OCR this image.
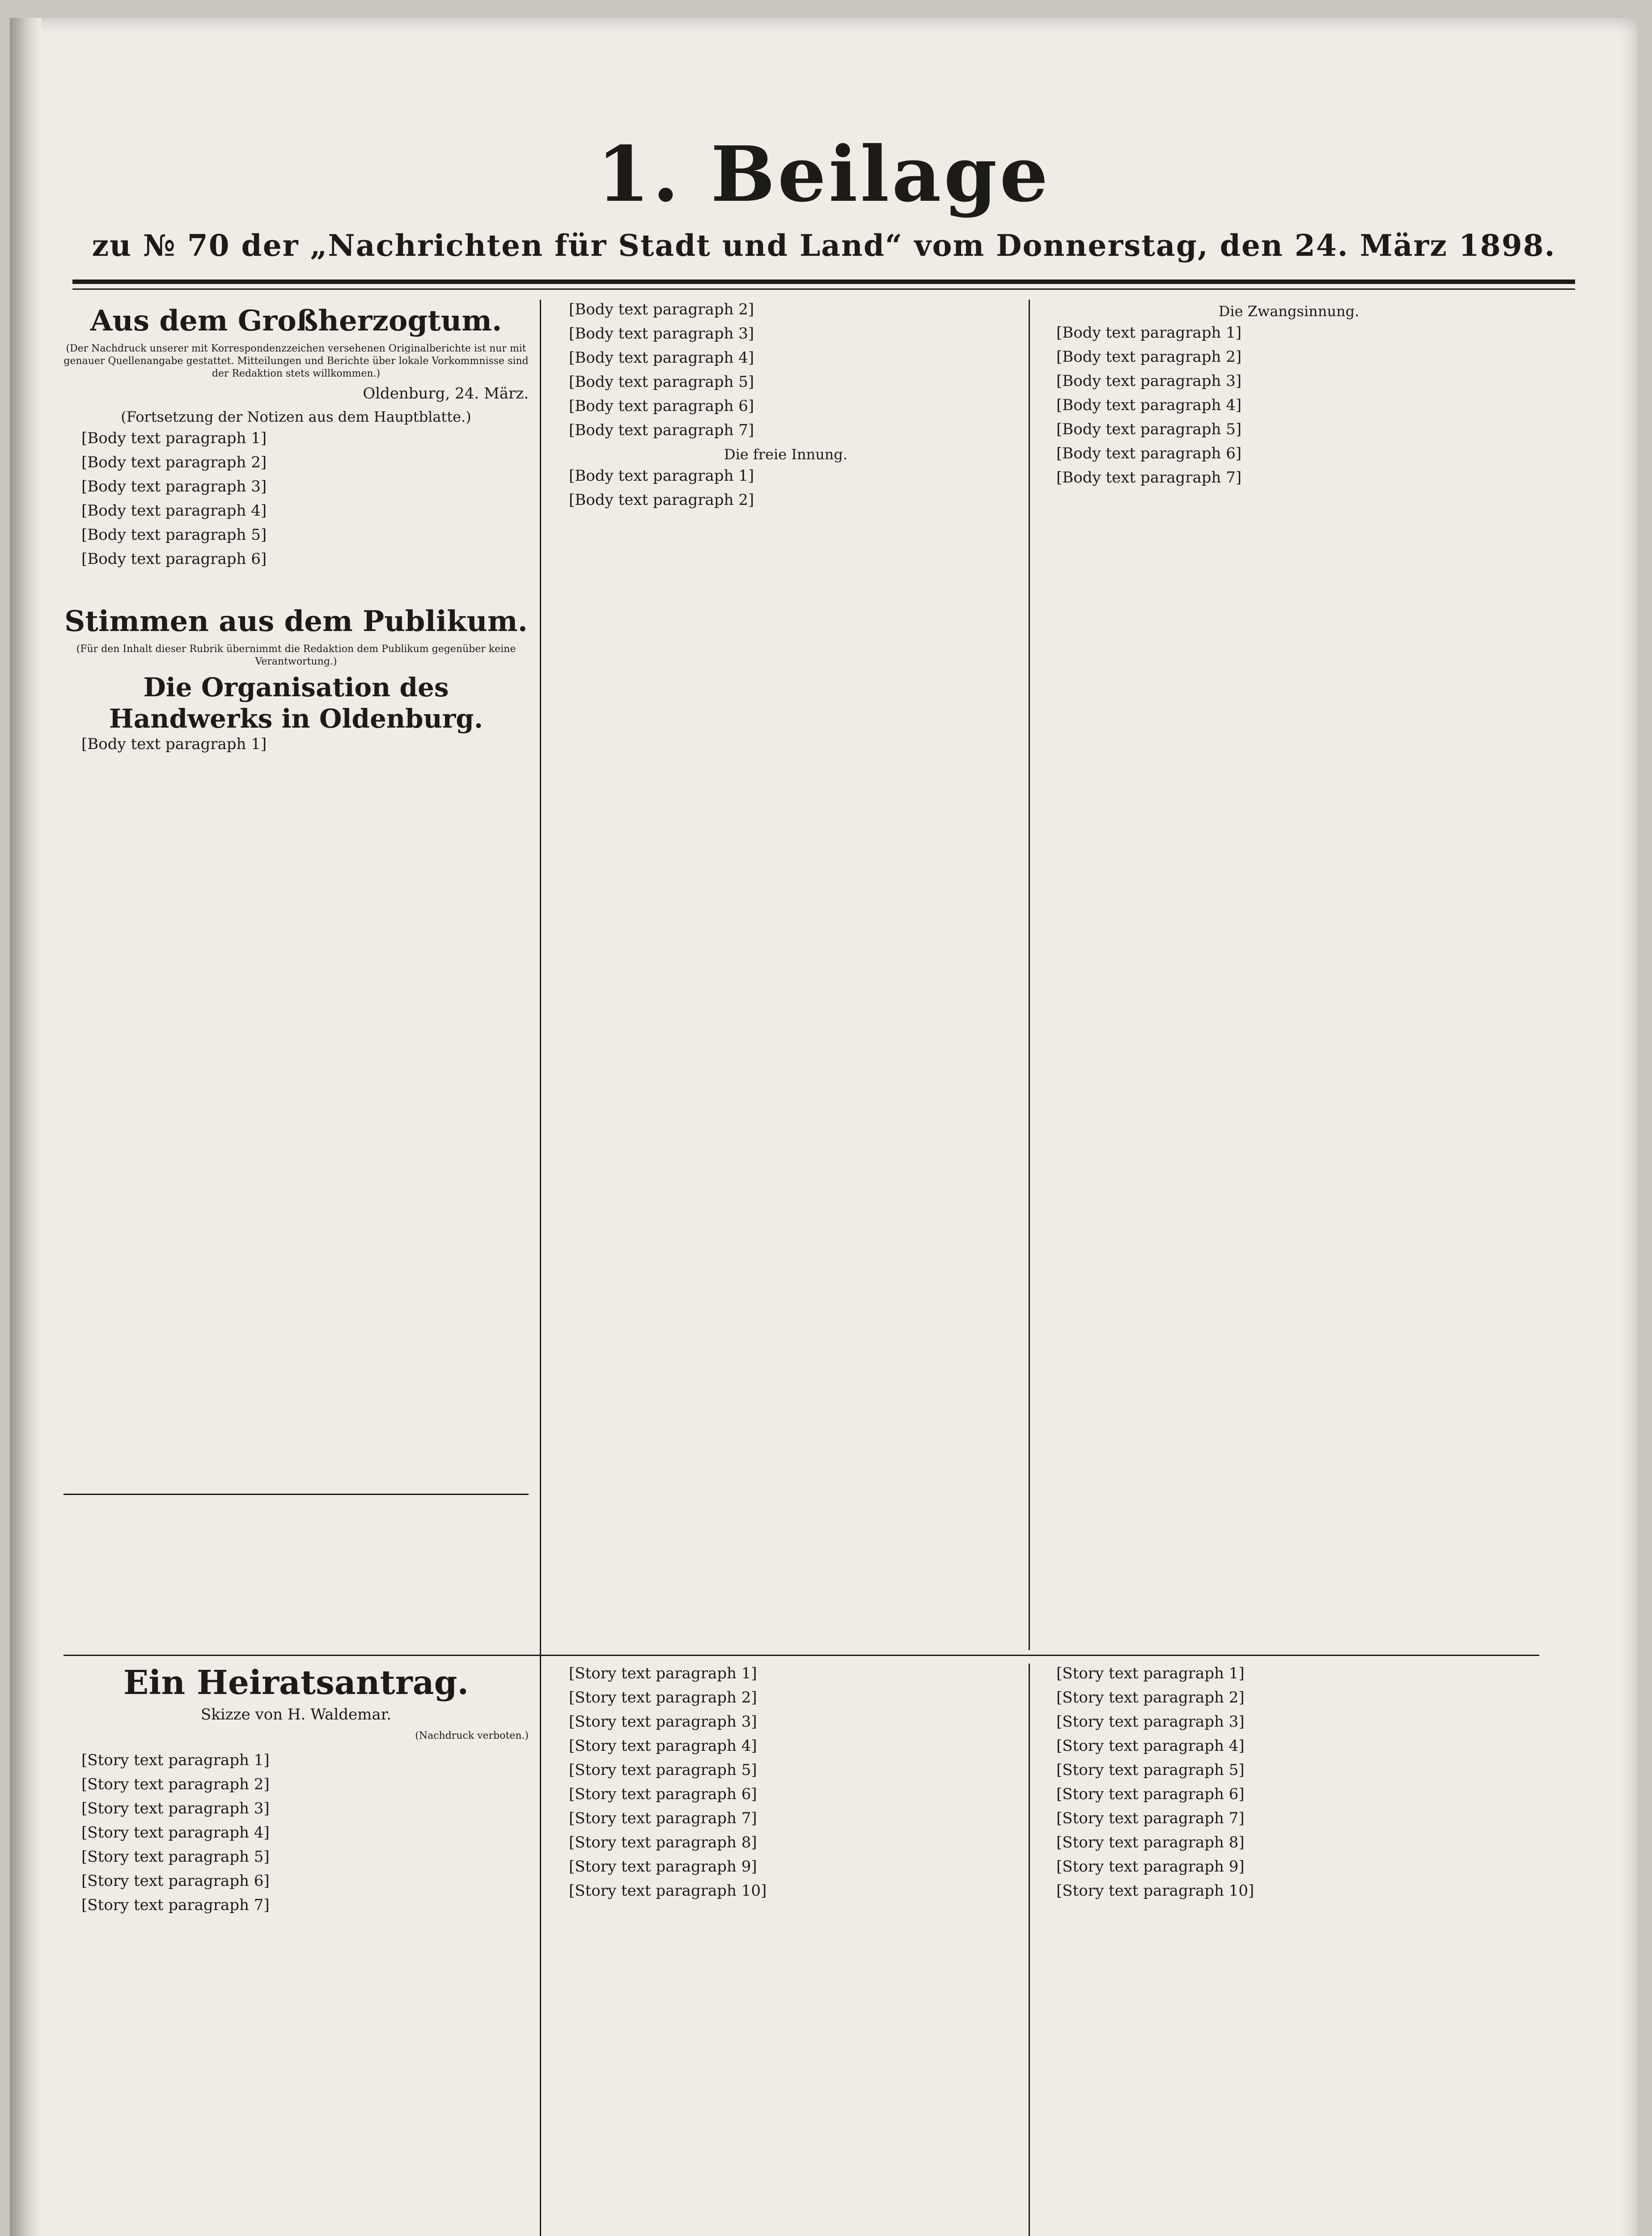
1. Beilage
zu № 70 der „Nachrichten für Stadt und Land“ vom Donnerstag, den 24. März 1898.
Aus dem Großherzogtum.
(Der Nachdruck unserer mit Korrespondenzzeichen versehenen Originalberichte ist nur mit genauer Quellenangabe gestattet. Mitteilungen und Berichte über lokale Vorkommnisse sind der Redaktion stets willkommen.)
Oldenburg, 24. März.
(Fortsetzung der Notizen aus dem Hauptblatte.)

[Body text paragraph 1]

[Body text paragraph 2]

[Body text paragraph 3]

[Body text paragraph 4]

[Body text paragraph 5]

[Body text paragraph 6]

Stimmen aus dem Publikum.
(Für den Inhalt dieser Rubrik übernimmt die Redaktion dem Publikum gegenüber keine Verantwortung.)
Die Organisation des Handwerks in Oldenburg.

[Body text paragraph 1]

[Body text paragraph 2]

[Body text paragraph 3]

[Body text paragraph 4]

[Body text paragraph 5]

[Body text paragraph 6]

[Body text paragraph 7]

Die freie Innung.

[Body text paragraph 1]

[Body text paragraph 2]

Die Zwangsinnung.

[Body text paragraph 1]

[Body text paragraph 2]

[Body text paragraph 3]

[Body text paragraph 4]

[Body text paragraph 5]

[Body text paragraph 6]

[Body text paragraph 7]

Ein Heiratsantrag.
Skizze von H. Waldemar.
(Nachdruck verboten.)

[Story text paragraph 1]

[Story text paragraph 2]

[Story text paragraph 3]

[Story text paragraph 4]

[Story text paragraph 5]

[Story text paragraph 6]

[Story text paragraph 7]

[Story text paragraph 1]

[Story text paragraph 2]

[Story text paragraph 3]

[Story text paragraph 4]

[Story text paragraph 5]

[Story text paragraph 6]

[Story text paragraph 7]

[Story text paragraph 8]

[Story text paragraph 9]

[Story text paragraph 10]

[Story text paragraph 1]

[Story text paragraph 2]

[Story text paragraph 3]

[Story text paragraph 4]

[Story text paragraph 5]

[Story text paragraph 6]

[Story text paragraph 7]

[Story text paragraph 8]

[Story text paragraph 9]

[Story text paragraph 10]
